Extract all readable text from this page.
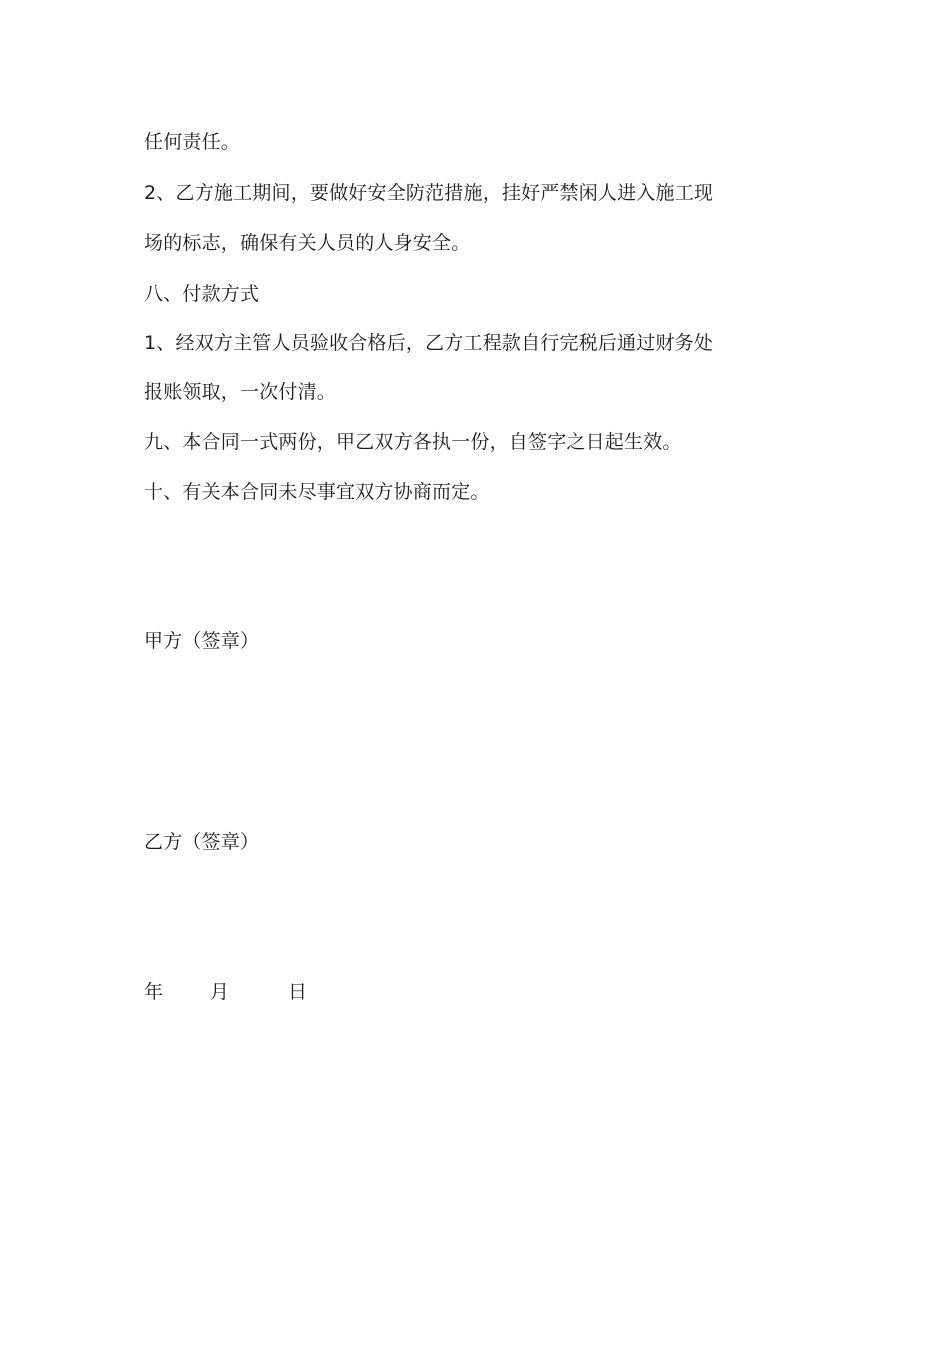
任何责任。
2、乙方施工期间，要做好安全防范措施，挂好严禁闲人进入施工现
场的标志，确保有关人员的人身安全。
八、付款方式
1、经双方主管人员验收合格后，乙方工程款自行完税后通过财务处
报账领取，一次付清。
九、本合同一式两份，甲乙双方各执一份，自签字之日起生效。
十、有关本合同未尽事宜双方协商而定。
甲方（签章）
乙方（签章）
年 月	日
